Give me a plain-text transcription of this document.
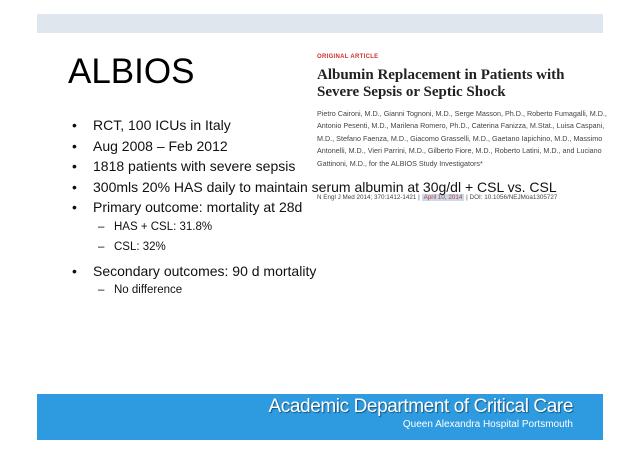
ALBIOS	ORIGINAL ARTICLE
Albumin Replacement in Patients with Severe Sepsis or Septic Shock
Pietro Caironi, M.D., Gianni Tognoni, M.D., Serge Masson, Ph.D., Roberto Fumagalli, M.D., Antonio Pesenti, M.D., Marilena Romero, Ph.D., Caterina Fanizza, M.Stat., Luisa Caspani, M.D., Stefano Faenza, M.D., Giacomo Grasselli, M.D., Gaetano Iapichino, M.D., Massimo Antonelli, M.D., Vieri Parrini, M.D., Gilberto Fiore, M.D., Roberto Latini, M.D., and Luciano Gattinoni, M.D., for the ALBIOS Study Investigators*
N Engl J Med 2014; 370:1412-1421 | April 10, 2014 | DOI: 10.1056/NEJMoa1305727
•	RCT, 100 ICUs in Italy
•	Aug 2008 – Feb 2012
•	1818 patients with severe sepsis
•	300mls 20% HAS daily to maintain serum albumin at 30g/dl + CSL vs. CSL
•	Primary outcome: mortality at 28d
– HAS + CSL: 31.8%
– CSL: 32%
•	Secondary outcomes: 90 d mortality
– No difference
Academic Department of Critical Care
Queen Alexandra Hospital Portsmouth
